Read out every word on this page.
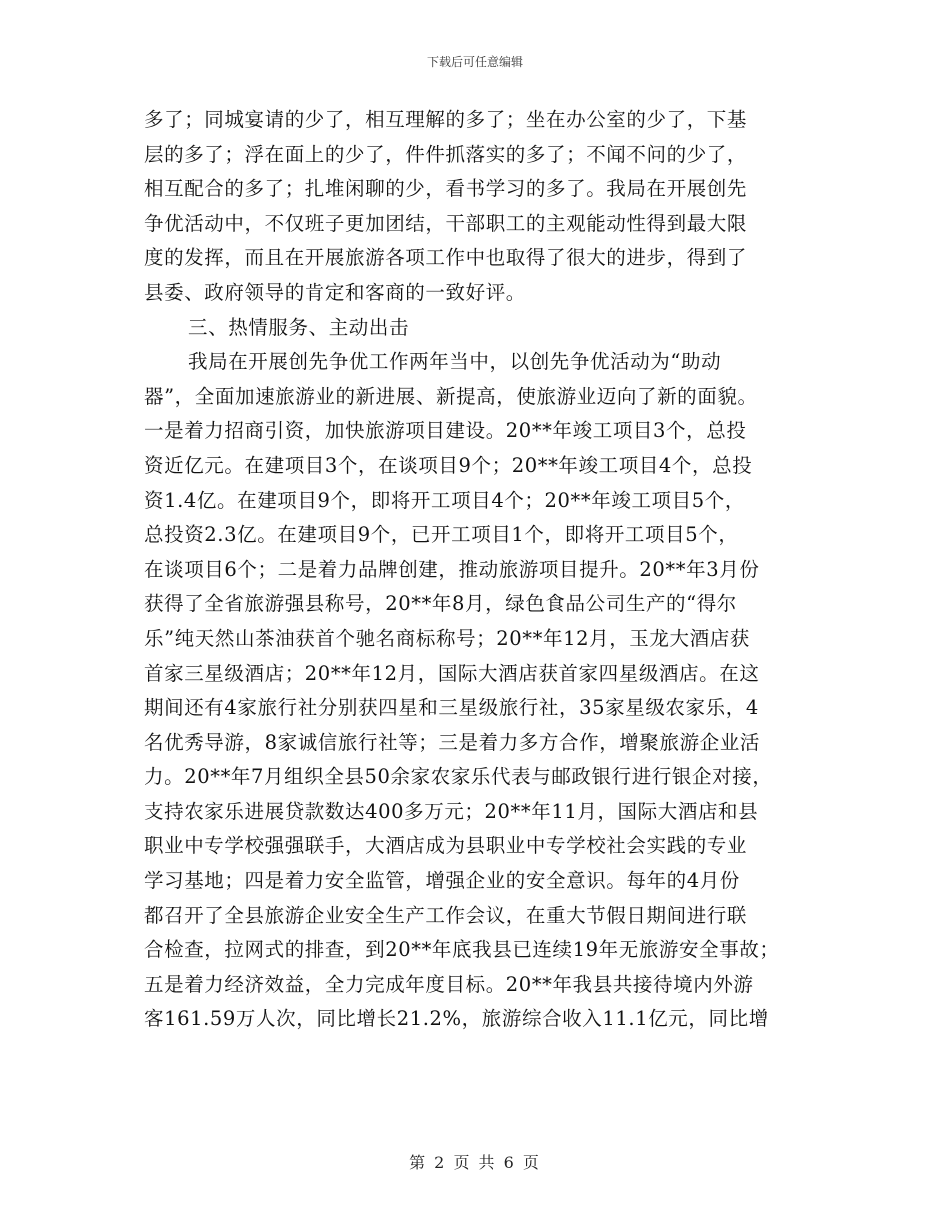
下载后可任意编辑
多了；同城宴请的少了，相互理解的多了；坐在办公室的少了，下基
层的多了；浮在面上的少了，件件抓落实的多了；不闻不问的少了，
相互配合的多了；扎堆闲聊的少，看书学习的多了。我局在开展创先
争优活动中，不仅班子更加团结，干部职工的主观能动性得到最大限
度的发挥，而且在开展旅游各项工作中也取得了很大的进步，得到了
县委、政府领导的肯定和客商的一致好评。
三、热情服务、主动出击
我局在开展创先争优工作两年当中，以创先争优活动为“助动
器”，全面加速旅游业的新进展、新提高，使旅游业迈向了新的面貌。
一是着力招商引资，加快旅游项目建设。20**年竣工项目3个，总投
资近亿元。在建项目3个，在谈项目9个；20**年竣工项目4个，总投
资1.4亿。在建项目9个，即将开工项目4个；20**年竣工项目5个，
总投资2.3亿。在建项目9个，已开工项目1个，即将开工项目5个，
在谈项目6个；二是着力品牌创建，推动旅游项目提升。20**年3月份
获得了全省旅游强县称号，20**年8月，绿色食品公司生产的“得尔
乐”纯天然山茶油获首个驰名商标称号；20**年12月，玉龙大酒店获
首家三星级酒店；20**年12月，国际大酒店获首家四星级酒店。在这
期间还有4家旅行社分别获四星和三星级旅行社，35家星级农家乐，4
名优秀导游，8家诚信旅行社等；三是着力多方合作，增聚旅游企业活
力。20**年7月组织全县50余家农家乐代表与邮政银行进行银企对接，
支持农家乐进展贷款数达400多万元；20**年11月，国际大酒店和县
职业中专学校强强联手，大酒店成为县职业中专学校社会实践的专业
学习基地；四是着力安全监管，增强企业的安全意识。每年的4月份
都召开了全县旅游企业安全生产工作会议，在重大节假日期间进行联
合检查，拉网式的排查，到20**年底我县已连续19年无旅游安全事故；
五是着力经济效益，全力完成年度目标。20**年我县共接待境内外游
客161.59万人次，同比增长21.2%，旅游综合收入11.1亿元，同比增
第 2 页 共 6 页
